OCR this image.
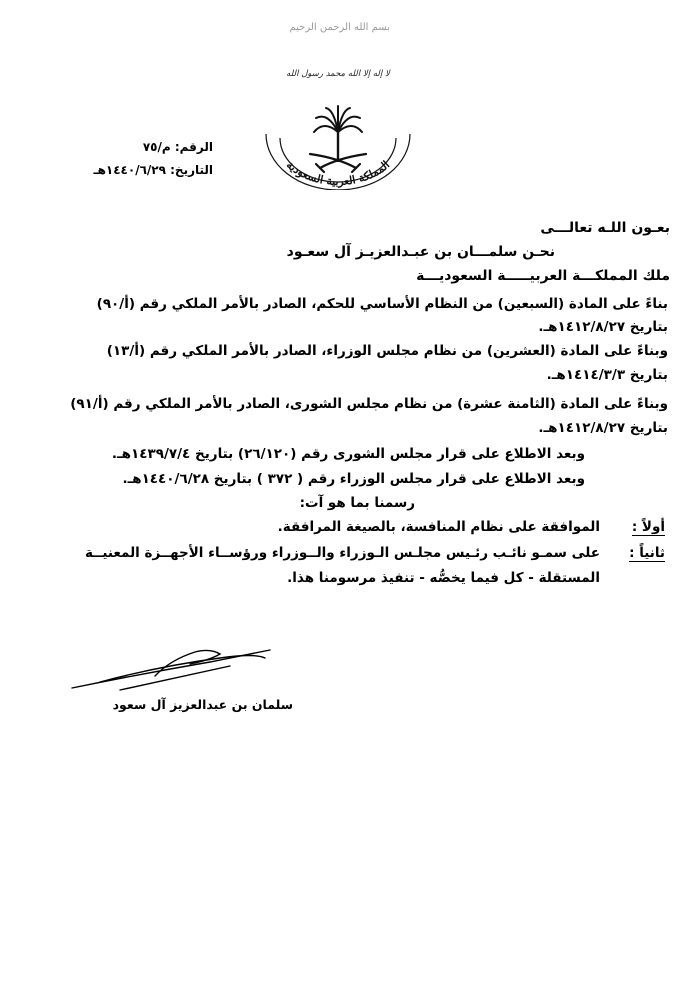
بسم الله الرحمن الرحيم
لا إله إلا الله محمد رسول الله
المملكة العربية السعودية
الرقم: م/٧٥
التاريخ: ١٤٤٠/٦/٢٩هـ
بعـون اللـه تعالـــى
نحـن سلمـــان بن عبـدالعزيـز آل سعـود
ملك المملكـــة العربيـــــة السعوديـــة
بناءً على المادة (السبعين) من النظام الأساسي للحكم، الصادر بالأمر الملكي رقم (أ/٩٠)
بتاريخ ١٤١٢/٨/٢٧هـ.
وبناءً على المادة (العشرين) من نظام مجلس الوزراء، الصادر بالأمر الملكي رقم (أ/١٣)
بتاريخ ١٤١٤/٣/٣هـ.
وبناءً على المادة (الثامنة عشرة) من نظام مجلس الشورى، الصادر بالأمر الملكي رقم (أ/٩١)
بتاريخ ١٤١٢/٨/٢٧هـ.
وبعد الاطلاع على قرار مجلس الشورى رقم (٢٦/١٢٠) بتاريخ ١٤٣٩/٧/٤هـ.
وبعد الاطلاع على قرار مجلس الوزراء رقم ( ٣٧٢ ) بتاريخ ١٤٤٠/٦/٢٨هـ.
رسمنا بما هو آت:
أولاً :
الموافقة على نظام المنافسة، بالصيغة المرافقة.
ثانياً :
على سمـو نائـب رئـيس مجلـس الـوزراء والــوزراء ورؤســاء الأجهــزة المعنيــة
المستقلة - كل فيما يخصُّه - تنفيذ مرسومنا هذا.
سلمان بن عبدالعزيز آل سعود
